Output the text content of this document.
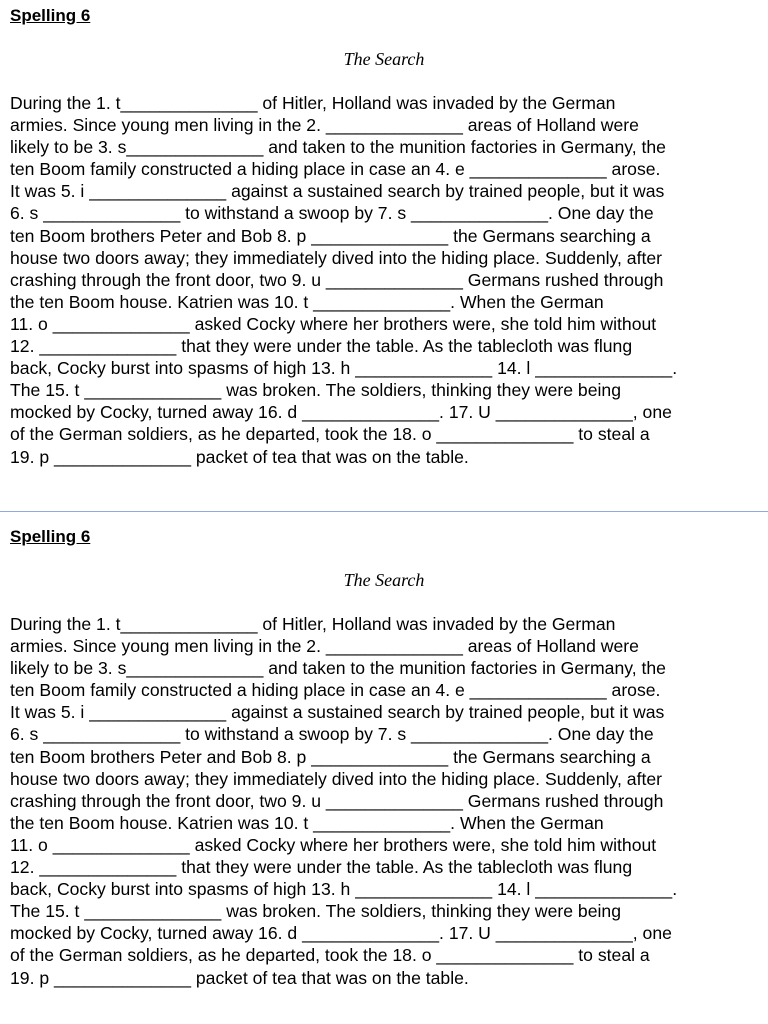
Spelling 6
The Search
During the 1. t______________ of Hitler, Holland was invaded by the German
armies. Since young men living in the 2. ______________ areas of Holland were
likely to be 3. s______________ and taken to the munition factories in Germany, the
ten Boom family constructed a hiding place in case an 4. e ______________ arose.
It was 5. i ______________ against a sustained search by trained people, but it was
6. s ______________ to withstand a swoop by 7. s ______________. One day the
ten Boom brothers Peter and Bob 8. p ______________ the Germans searching a
house two doors away; they immediately dived into the hiding place. Suddenly, after
crashing through the front door, two 9. u ______________ Germans rushed through
the ten Boom house. Katrien was 10. t ______________. When the German
11. o ______________ asked Cocky where her brothers were, she told him without
12. ______________ that they were under the table. As the tablecloth was flung
back, Cocky burst into spasms of high 13. h ______________ 14. l ______________.
The 15. t ______________ was broken. The soldiers, thinking they were being
mocked by Cocky, turned away 16. d ______________. 17. U ______________, one
of the German soldiers, as he departed, took the 18. o ______________ to steal a
19. p ______________ packet of tea that was on the table.
Spelling 6
The Search
During the 1. t______________ of Hitler, Holland was invaded by the German
armies. Since young men living in the 2. ______________ areas of Holland were
likely to be 3. s______________ and taken to the munition factories in Germany, the
ten Boom family constructed a hiding place in case an 4. e ______________ arose.
It was 5. i ______________ against a sustained search by trained people, but it was
6. s ______________ to withstand a swoop by 7. s ______________. One day the
ten Boom brothers Peter and Bob 8. p ______________ the Germans searching a
house two doors away; they immediately dived into the hiding place. Suddenly, after
crashing through the front door, two 9. u ______________ Germans rushed through
the ten Boom house. Katrien was 10. t ______________. When the German
11. o ______________ asked Cocky where her brothers were, she told him without
12. ______________ that they were under the table. As the tablecloth was flung
back, Cocky burst into spasms of high 13. h ______________ 14. l ______________.
The 15. t ______________ was broken. The soldiers, thinking they were being
mocked by Cocky, turned away 16. d ______________. 17. U ______________, one
of the German soldiers, as he departed, took the 18. o ______________ to steal a
19. p ______________ packet of tea that was on the table.
